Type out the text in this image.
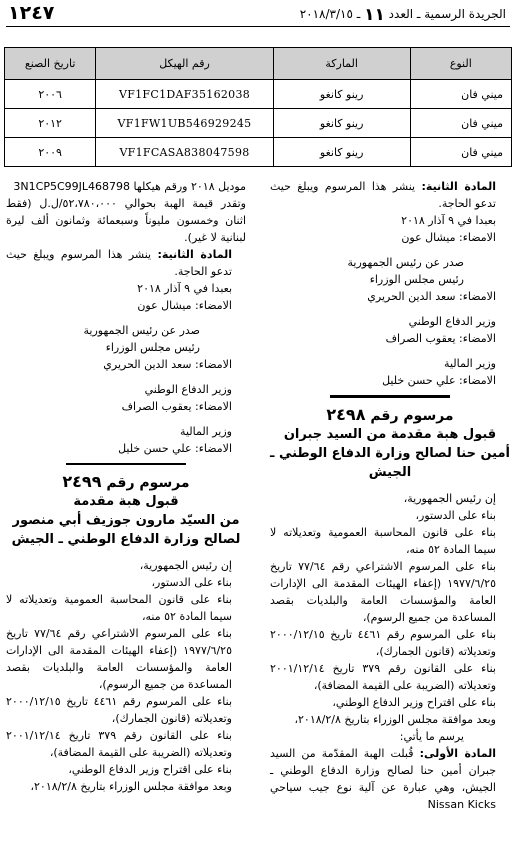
١٢٤٧	الجريدة الرسمية ـ العدد ١١ ـ ٢٠١٨/٣/١٥
النوع	الماركة	رقم الهيكل	تاريخ الصنع
ميني فان	رينو كانغو	VF1FC1DAF35162038	٢٠٠٦
ميني فان	رينو كانغو	VF1FW1UB546929245	٢٠١٢
ميني فان	رينو كانغو	VF1FCASA838047598	٢٠٠٩

المادة الثانية: ينشر هذا المرسوم ويبلغ حيث تدعو الحاجة.

بعبدا في ٩ آذار ٢٠١٨

الامضاء: ميشال عون

صدر عن رئيس الجمهورية

رئيس مجلس الوزراء

الامضاء: سعد الدين الحريري

وزير الدفاع الوطني

الامضاء: يعقوب الصراف

وزير المالية

الامضاء: علي حسن خليل

مرسوم رقم ٢٤٩٨

قبول هبة مقدمة من السيد جبران أمين حنا لصالح وزارة الدفاع الوطني ـ الجيش

إن رئيس الجمهورية،

بناء على الدستور،

بناء على قانون المحاسبة العمومية وتعديلاته لا سيما المادة ٥٢ منه،

بناء على المرسوم الاشتراعي رقم ٧٧/٦٤ تاريخ ١٩٧٧/٦/٢٥ (إعفاء الهيئات المقدمة الى الإدارات العامة والمؤسسات العامة والبلديات بقصد المساعدة من جميع الرسوم)،

بناء على المرسوم رقم ٤٤٦١ تاريخ ٢٠٠٠/١٢/١٥ وتعديلاته (قانون الجمارك)،

بناء على القانون رقم ٣٧٩ تاريخ ٢٠٠١/١٢/١٤ وتعديلاته (الضريبة على القيمة المضافة)،

بناء على اقتراح وزير الدفاع الوطني،

وبعد موافقة مجلس الوزراء بتاريخ ٢٠١٨/٢/٨،

يرسم ما يأتي:

المادة الأولى: قُبلت الهبة المقدّمة من السيد جبران أمين حنا لصالح وزارة الدفاع الوطني ـ الجيش، وهي عبارة عن آلية نوع جيب سياحي Nissan Kicks

موديل ٢٠١٨ ورقم هيكلها 3N1CP5C99JL468798

وتقدر قيمة الهبة بحوالي ٥٢،٧٨٠،٠٠٠/ل.ل (فقط اثنان وخمسون مليوناً وسبعمائة وثمانون ألف ليرة لبنانية لا غير).

المادة الثانية: ينشر هذا المرسوم ويبلغ حيث تدعو الحاجة.

بعبدا في ٩ آذار ٢٠١٨

الامضاء: ميشال عون

صدر عن رئيس الجمهورية

رئيس مجلس الوزراء

الامضاء: سعد الدين الحريري

وزير الدفاع الوطني

الامضاء: يعقوب الصراف

وزير المالية

الامضاء: علي حسن خليل

مرسوم رقم ٢٤٩٩

قبول هبة مقدمة

من السيّد مارون جوزيف أبي منصور

لصالح وزارة الدفاع الوطني ـ الجيش

إن رئيس الجمهورية،

بناء على الدستور،

بناء على قانون المحاسبة العمومية وتعديلاته لا سيما المادة ٥٢ منه،

بناء على المرسوم الاشتراعي رقم ٧٧/٦٤ تاريخ ١٩٧٧/٦/٢٥ (إعفاء الهيئات المقدمة الى الإدارات العامة والمؤسسات العامة والبلديات بقصد المساعدة من جميع الرسوم)،

بناء على المرسوم رقم ٤٤٦١ تاريخ ٢٠٠٠/١٢/١٥ وتعديلاته (قانون الجمارك)،

بناء على القانون رقم ٣٧٩ تاريخ ٢٠٠١/١٢/١٤ وتعديلاته (الضريبة على القيمة المضافة)،

بناء على اقتراح وزير الدفاع الوطني،

وبعد موافقة مجلس الوزراء بتاريخ ٢٠١٨/٢/٨،
